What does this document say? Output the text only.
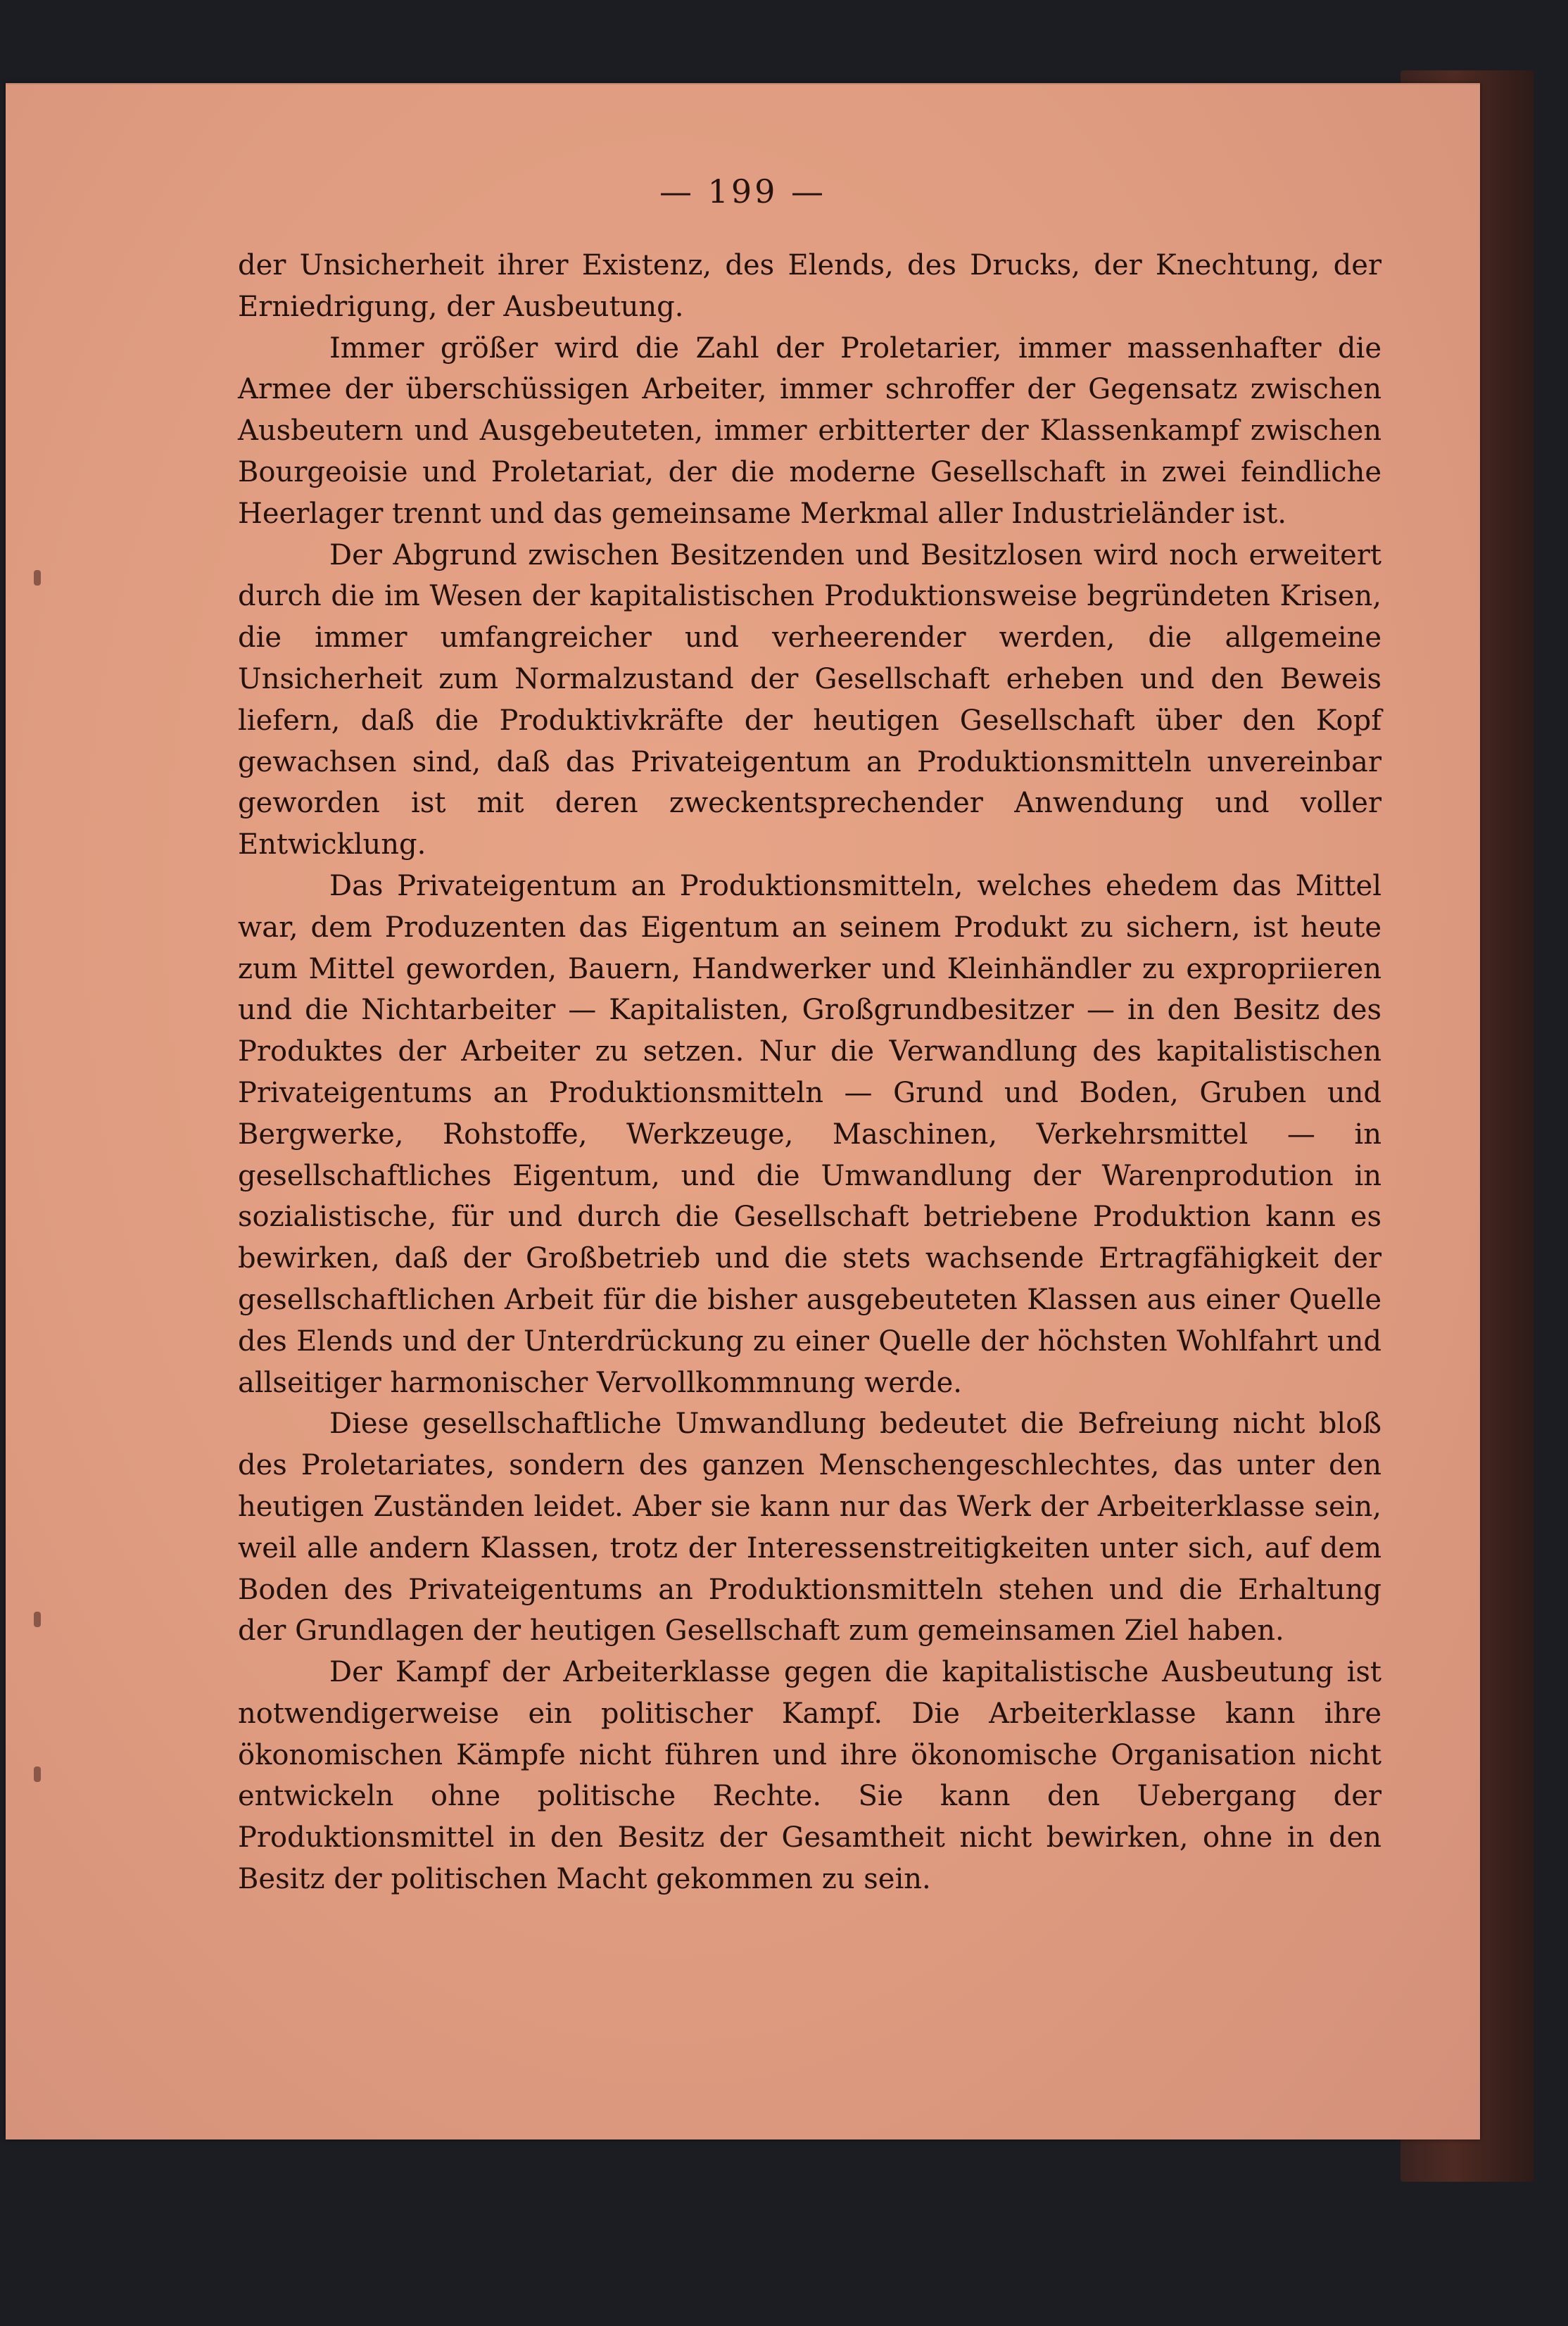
— 199 —

der Unsicherheit ihrer Existenz, des Elends, des Drucks, der Knechtung, der Erniedrigung, der Ausbeutung.

Immer größer wird die Zahl der Proletarier, immer massenhafter die Armee der überschüssigen Arbeiter, immer schroffer der Gegensatz zwischen Ausbeutern und Ausgebeuteten, immer erbitterter der Klassenkampf zwischen Bourgeoisie und Proletariat, der die moderne Gesellschaft in zwei feindliche Heerlager trennt und das gemeinsame Merkmal aller Industrieländer ist.

Der Abgrund zwischen Besitzenden und Besitzlosen wird noch erweitert durch die im Wesen der kapitalistischen Produktionsweise begründeten Krisen, die immer umfangreicher und verheerender werden, die allgemeine Unsicherheit zum Normalzustand der Gesellschaft erheben und den Beweis liefern, daß die Produktivkräfte der heutigen Gesellschaft über den Kopf gewachsen sind, daß das Privateigentum an Produktionsmitteln unvereinbar geworden ist mit deren zweckentsprechender Anwendung und voller Entwicklung.

Das Privateigentum an Produktionsmitteln, welches ehedem das Mittel war, dem Produzenten das Eigentum an seinem Produkt zu sichern, ist heute zum Mittel geworden, Bauern, Handwerker und Kleinhändler zu expropriieren und die Nichtarbeiter — Kapitalisten, Großgrundbesitzer — in den Besitz des Produktes der Arbeiter zu setzen. Nur die Verwandlung des kapitalistischen Privateigentums an Produktionsmitteln — Grund und Boden, Gruben und Bergwerke, Rohstoffe, Werkzeuge, Maschinen, Verkehrsmittel — in gesellschaftliches Eigentum, und die Umwandlung der Warenprodution in sozialistische, für und durch die Gesellschaft betriebene Produktion kann es bewirken, daß der Großbetrieb und die stets wachsende Ertragfähigkeit der gesellschaftlichen Arbeit für die bisher ausgebeuteten Klassen aus einer Quelle des Elends und der Unterdrückung zu einer Quelle der höchsten Wohlfahrt und allseitiger harmonischer Vervollkommnung werde.

Diese gesellschaftliche Umwandlung bedeutet die Befreiung nicht bloß des Proletariates, sondern des ganzen Menschengeschlechtes, das unter den heutigen Zuständen leidet. Aber sie kann nur das Werk der Arbeiterklasse sein, weil alle andern Klassen, trotz der Interessenstreitigkeiten unter sich, auf dem Boden des Privateigentums an Produktionsmitteln stehen und die Erhaltung der Grundlagen der heutigen Gesellschaft zum gemeinsamen Ziel haben.

Der Kampf der Arbeiterklasse gegen die kapitalistische Ausbeutung ist notwendigerweise ein politischer Kampf. Die Arbeiterklasse kann ihre ökonomischen Kämpfe nicht führen und ihre ökonomische Organisation nicht entwickeln ohne politische Rechte. Sie kann den Uebergang der Produktionsmittel in den Besitz der Gesamtheit nicht bewirken, ohne in den Besitz der politischen Macht gekommen zu sein.
